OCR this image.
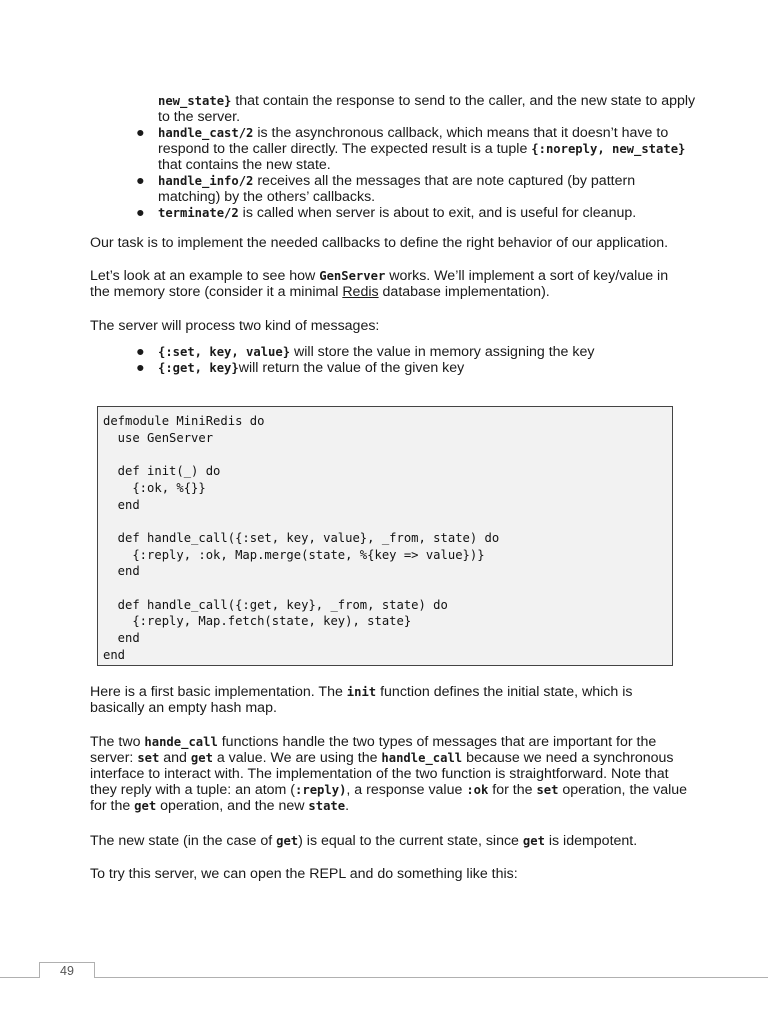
new_state} that contain the response to send to the caller, and the new state to apply to the server.
● handle_cast/2 is the asynchronous callback, which means that it doesn’t have to respond to the caller directly. The expected result is a tuple {:noreply, new_state} that contains the new state.
● handle_info/2 receives all the messages that are note captured (by pattern matching) by the others’ callbacks.
● terminate/2 is called when server is about to exit, and is useful for cleanup.

Our task is to implement the needed callbacks to define the right behavior of our application.

Let’s look at an example to see how GenServer works. We’ll implement a sort of key/value in the memory store (consider it a minimal Redis database implementation).

The server will process two kind of messages:

● {:set, key, value} will store the value in memory assigning the key
● {:get, key}will return the value of the given key
defmodule MiniRedis do
use GenServer

def init(_) do
{:ok, %{}}
end

def handle_call({:set, key, value}, _from, state) do
{:reply, :ok, Map.merge(state, %{key => value})}
end

def handle_call({:get, key}, _from, state) do
{:reply, Map.fetch(state, key), state}
end
end

Here is a first basic implementation. The init function defines the initial state, which is basically an empty hash map.

The two hande_call functions handle the two types of messages that are important for the server: set and get a value. We are using the handle_call because we need a synchronous interface to interact with. The implementation of the two function is straightforward. Note that they reply with a tuple: an atom (:reply), a response value :ok for the set operation, the value for the get operation, and the new state.

The new state (in the case of get) is equal to the current state, since get is idempotent.

To try this server, we can open the REPL and do something like this:

49
